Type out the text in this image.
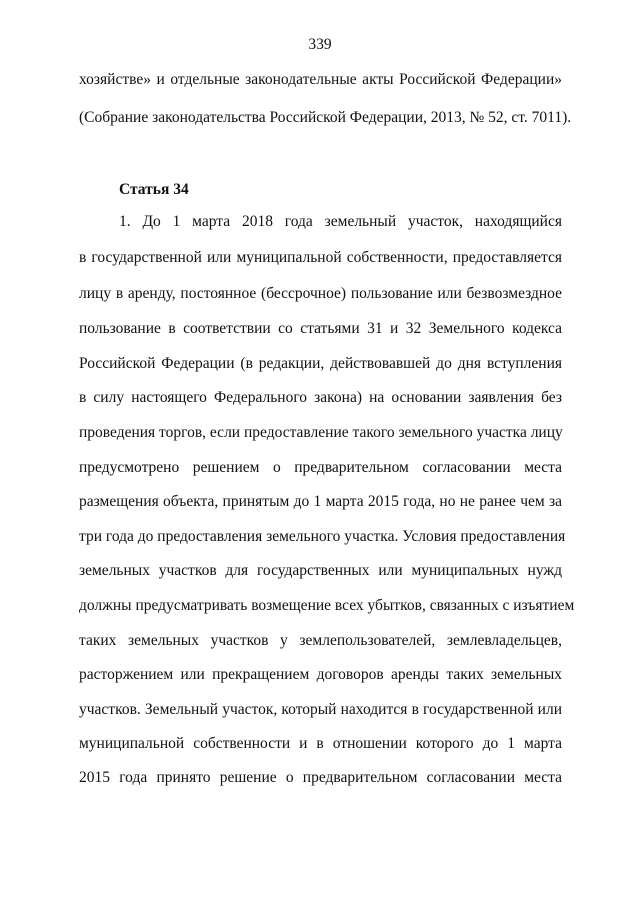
339
хозяйстве» и отдельные законодательные акты Российской Федерации»
(Собрание законодательства Российской Федерации, 2013, № 52, ст. 7011).
Статья 34
1. До 1 марта 2018 года земельный участок, находящийся
в государственной или муниципальной собственности, предоставляется
лицу в аренду, постоянное (бессрочное) пользование или безвозмездное
пользование в соответствии со статьями 31 и 32 Земельного кодекса
Российской Федерации (в редакции, действовавшей до дня вступления
в силу настоящего Федерального закона) на основании заявления без
проведения торгов, если предоставление такого земельного участка лицу
предусмотрено решением о предварительном согласовании места
размещения объекта, принятым до 1 марта 2015 года, но не ранее чем за
три года до предоставления земельного участка. Условия предоставления
земельных участков для государственных или муниципальных нужд
должны предусматривать возмещение всех убытков, связанных с изъятием
таких земельных участков у землепользователей, землевладельцев,
расторжением или прекращением договоров аренды таких земельных
участков. Земельный участок, который находится в государственной или
муниципальной собственности и в отношении которого до 1 марта
2015 года принято решение о предварительном согласовании места
